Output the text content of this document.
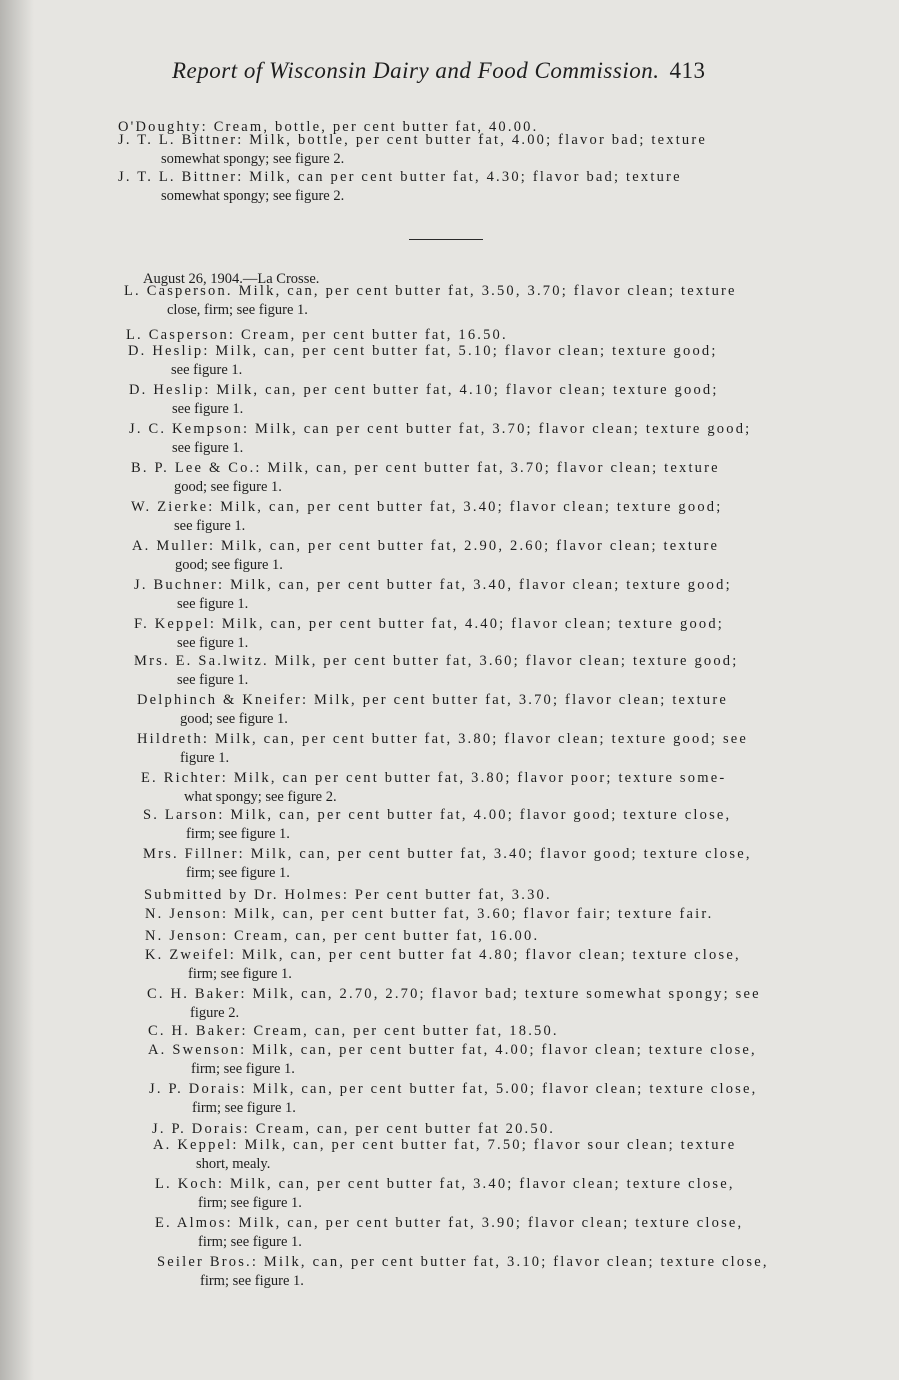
Report of Wisconsin Dairy and Food Commission. 413
O'Doughty: Cream, bottle, per cent butter fat, 40.00.
J. T. L. Bittner: Milk, bottle, per cent butter fat, 4.00; flavor bad; texture
somewhat spongy; see figure 2.
J. T. L. Bittner: Milk, can per cent butter fat, 4.30; flavor bad; texture
somewhat spongy; see figure 2.
August 26, 1904.—La Crosse.
L. Casperson. Milk, can, per cent butter fat, 3.50, 3.70; flavor clean; texture
close, firm; see figure 1.
L. Casperson: Cream, per cent butter fat, 16.50.
D. Heslip: Milk, can, per cent butter fat, 5.10; flavor clean; texture good;
see figure 1.
D. Heslip: Milk, can, per cent butter fat, 4.10; flavor clean; texture good;
see figure 1.
J. C. Kempson: Milk, can per cent butter fat, 3.70; flavor clean; texture good;
see figure 1.
B. P. Lee & Co.: Milk, can, per cent butter fat, 3.70; flavor clean; texture
good; see figure 1.
W. Zierke: Milk, can, per cent butter fat, 3.40; flavor clean; texture good;
see figure 1.
A. Muller: Milk, can, per cent butter fat, 2.90, 2.60; flavor clean; texture
good; see figure 1.
J. Buchner: Milk, can, per cent butter fat, 3.40, flavor clean; texture good;
see figure 1.
F. Keppel: Milk, can, per cent butter fat, 4.40; flavor clean; texture good;
see figure 1.
Mrs. E. Sa.lwitz. Milk, per cent butter fat, 3.60; flavor clean; texture good;
see figure 1.
Delphinch & Kneifer: Milk, per cent butter fat, 3.70; flavor clean; texture
good; see figure 1.
Hildreth: Milk, can, per cent butter fat, 3.80; flavor clean; texture good; see
figure 1.
E. Richter: Milk, can per cent butter fat, 3.80; flavor poor; texture some-
what spongy; see figure 2.
S. Larson: Milk, can, per cent butter fat, 4.00; flavor good; texture close,
firm; see figure 1.
Mrs. Fillner: Milk, can, per cent butter fat, 3.40; flavor good; texture close,
firm; see figure 1.
Submitted by Dr. Holmes: Per cent butter fat, 3.30.
N. Jenson: Milk, can, per cent butter fat, 3.60; flavor fair; texture fair.
N. Jenson: Cream, can, per cent butter fat, 16.00.
K. Zweifel: Milk, can, per cent butter fat 4.80; flavor clean; texture close,
firm; see figure 1.
C. H. Baker: Milk, can, 2.70, 2.70; flavor bad; texture somewhat spongy; see
figure 2.
C. H. Baker: Cream, can, per cent butter fat, 18.50.
A. Swenson: Milk, can, per cent butter fat, 4.00; flavor clean; texture close,
firm; see figure 1.
J. P. Dorais: Milk, can, per cent butter fat, 5.00; flavor clean; texture close,
firm; see figure 1.
J. P. Dorais: Cream, can, per cent butter fat 20.50.
A. Keppel: Milk, can, per cent butter fat, 7.50; flavor sour clean; texture
short, mealy.
L. Koch: Milk, can, per cent butter fat, 3.40; flavor clean; texture close,
firm; see figure 1.
E. Almos: Milk, can, per cent butter fat, 3.90; flavor clean; texture close,
firm; see figure 1.
Seiler Bros.: Milk, can, per cent butter fat, 3.10; flavor clean; texture close,
firm; see figure 1.
